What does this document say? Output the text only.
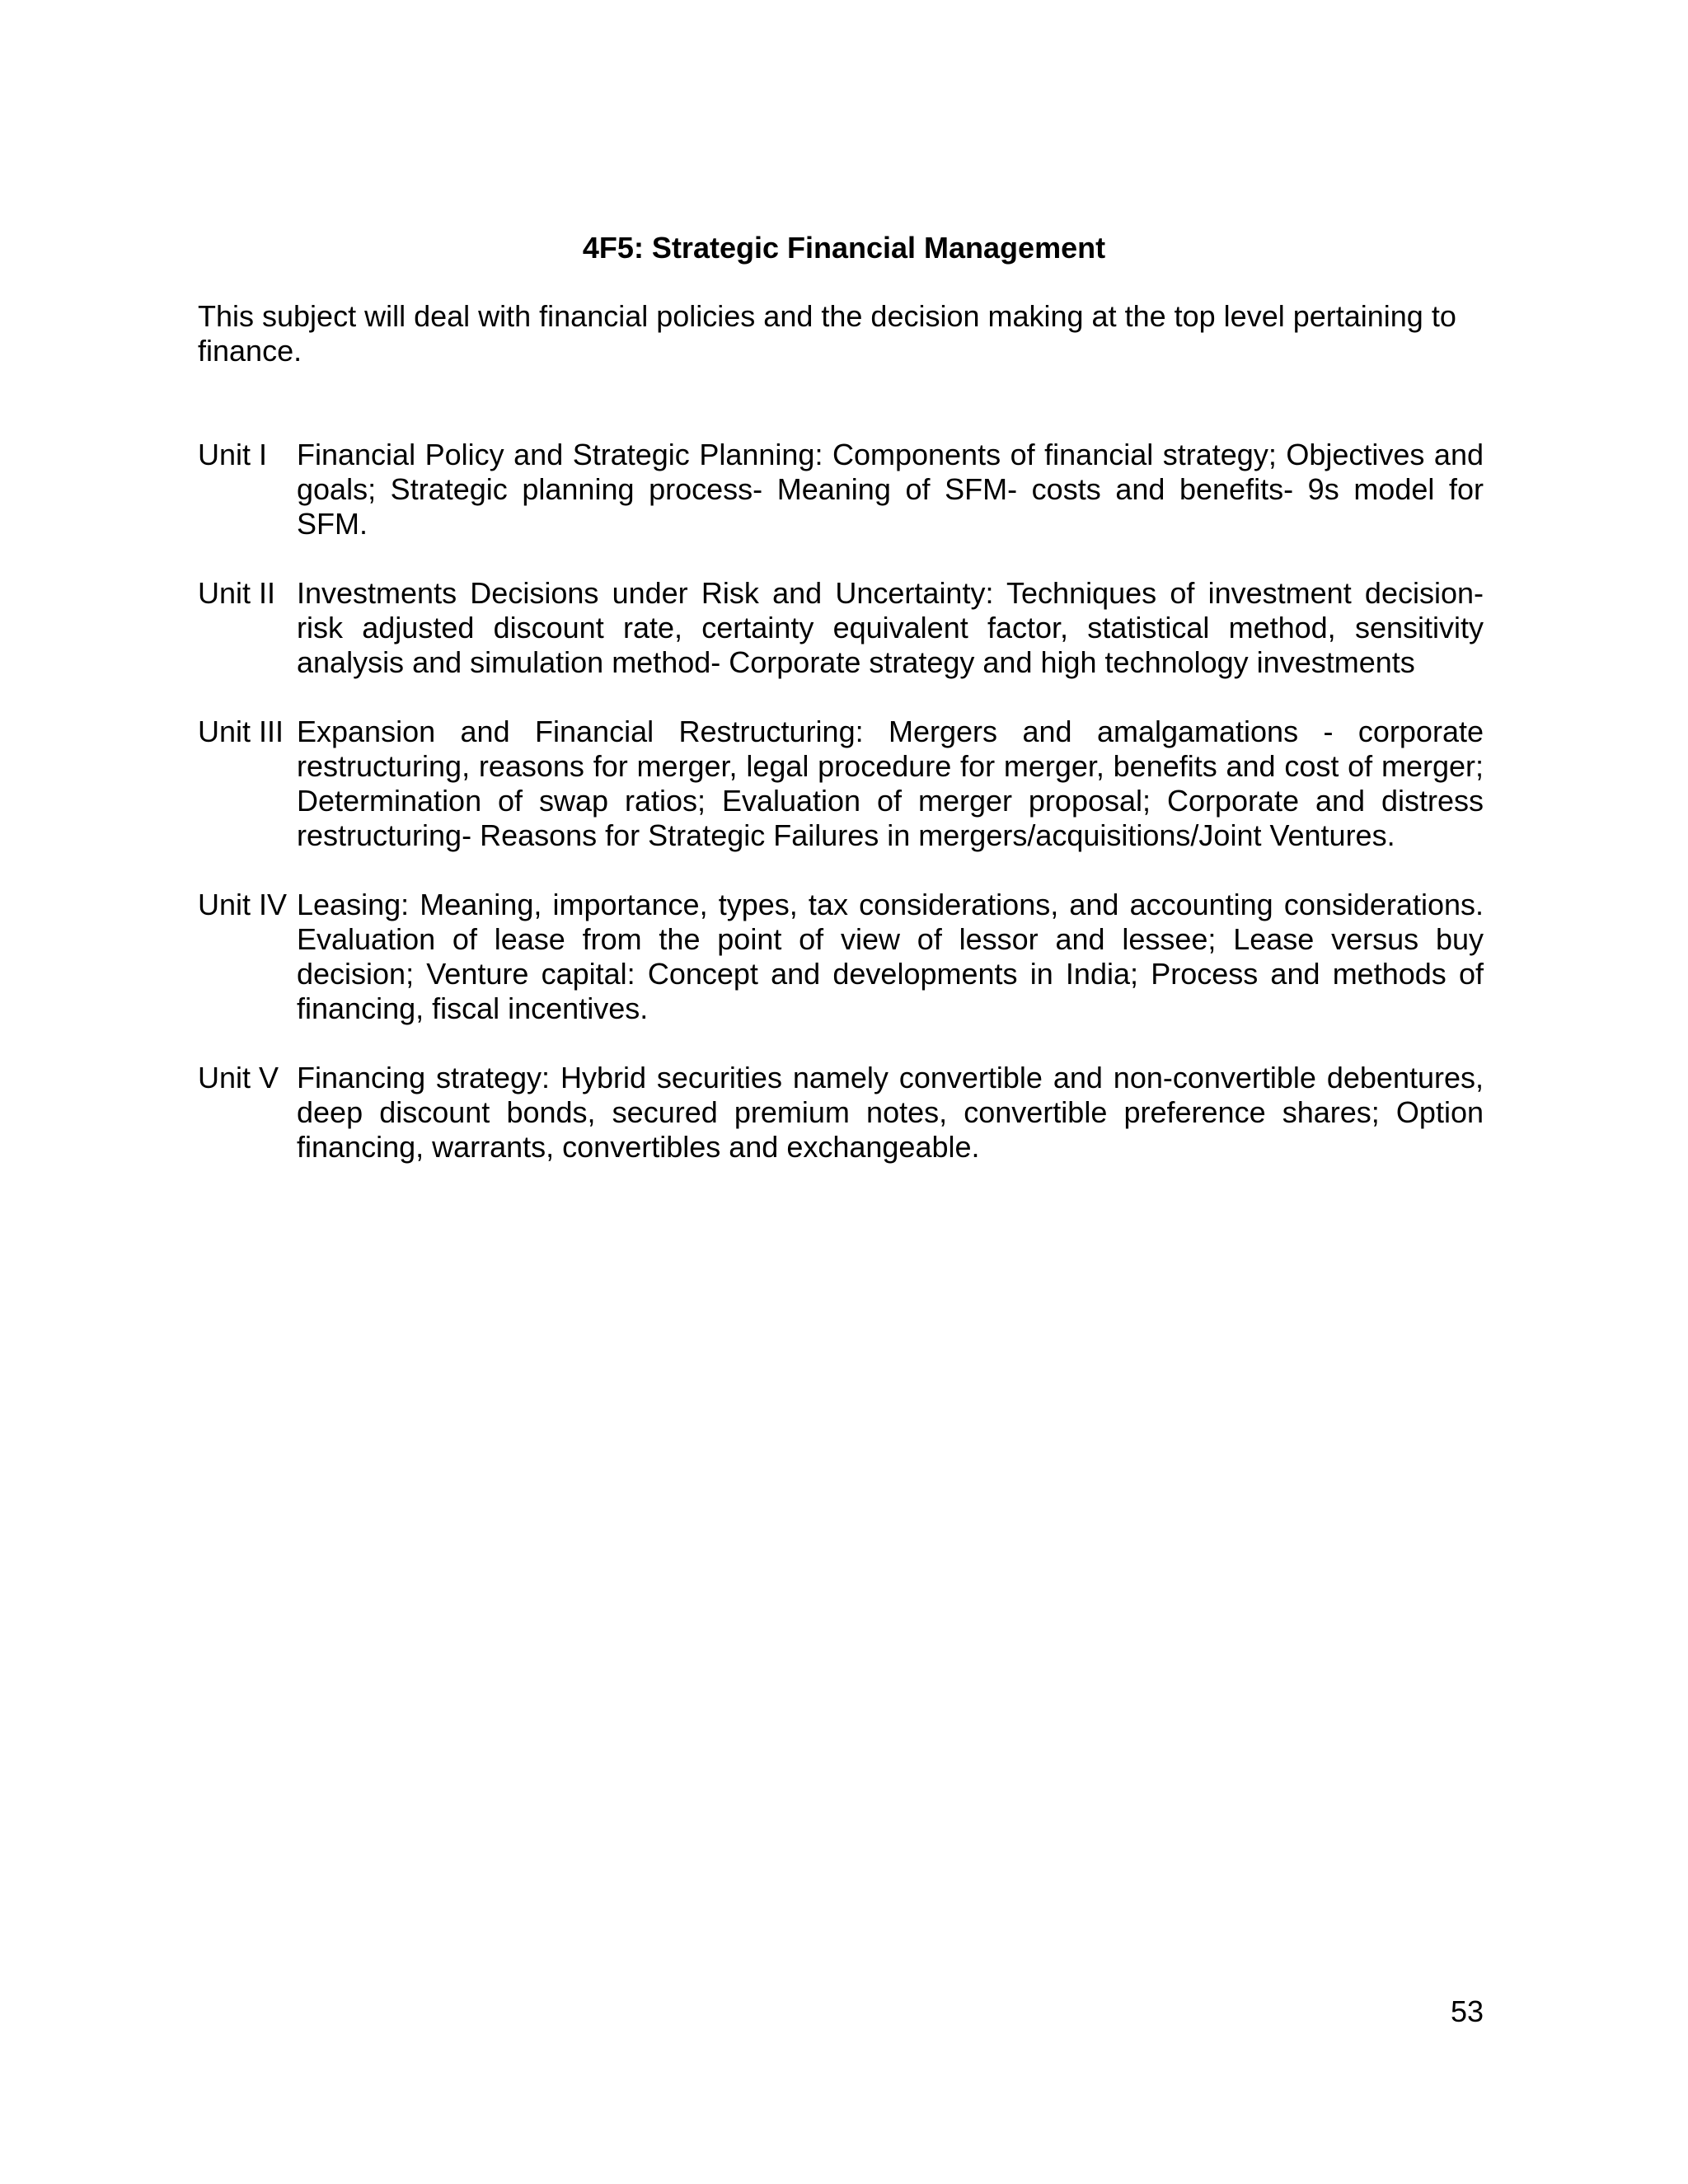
4F5: Strategic Financial Management

This subject will deal with financial policies and the decision making at the top level pertaining to finance.

Unit I Financial Policy and Strategic Planning: Components of financial strategy; Objectives and goals; Strategic planning process- Meaning of SFM- costs and benefits- 9s model for SFM.
Unit II Investments Decisions under Risk and Uncertainty: Techniques of investment decision- risk adjusted discount rate, certainty equivalent factor, statistical method, sensitivity analysis and simulation method- Corporate strategy and high technology investments
Unit III Expansion and Financial Restructuring: Mergers and amalgamations - corporate restructuring, reasons for merger, legal procedure for merger, benefits and cost of merger; Determination of swap ratios; Evaluation of merger proposal; Corporate and distress restructuring- Reasons for Strategic Failures in mergers/acquisitions/Joint Ventures.
Unit IV Leasing: Meaning, importance, types, tax considerations, and accounting considerations. Evaluation of lease from the point of view of lessor and lessee; Lease versus buy decision; Venture capital: Concept and developments in India; Process and methods of financing, fiscal incentives.
Unit V Financing strategy: Hybrid securities namely convertible and non-convertible debentures, deep discount bonds, secured premium notes, convertible preference shares; Option financing, warrants, convertibles and exchangeable.

53
